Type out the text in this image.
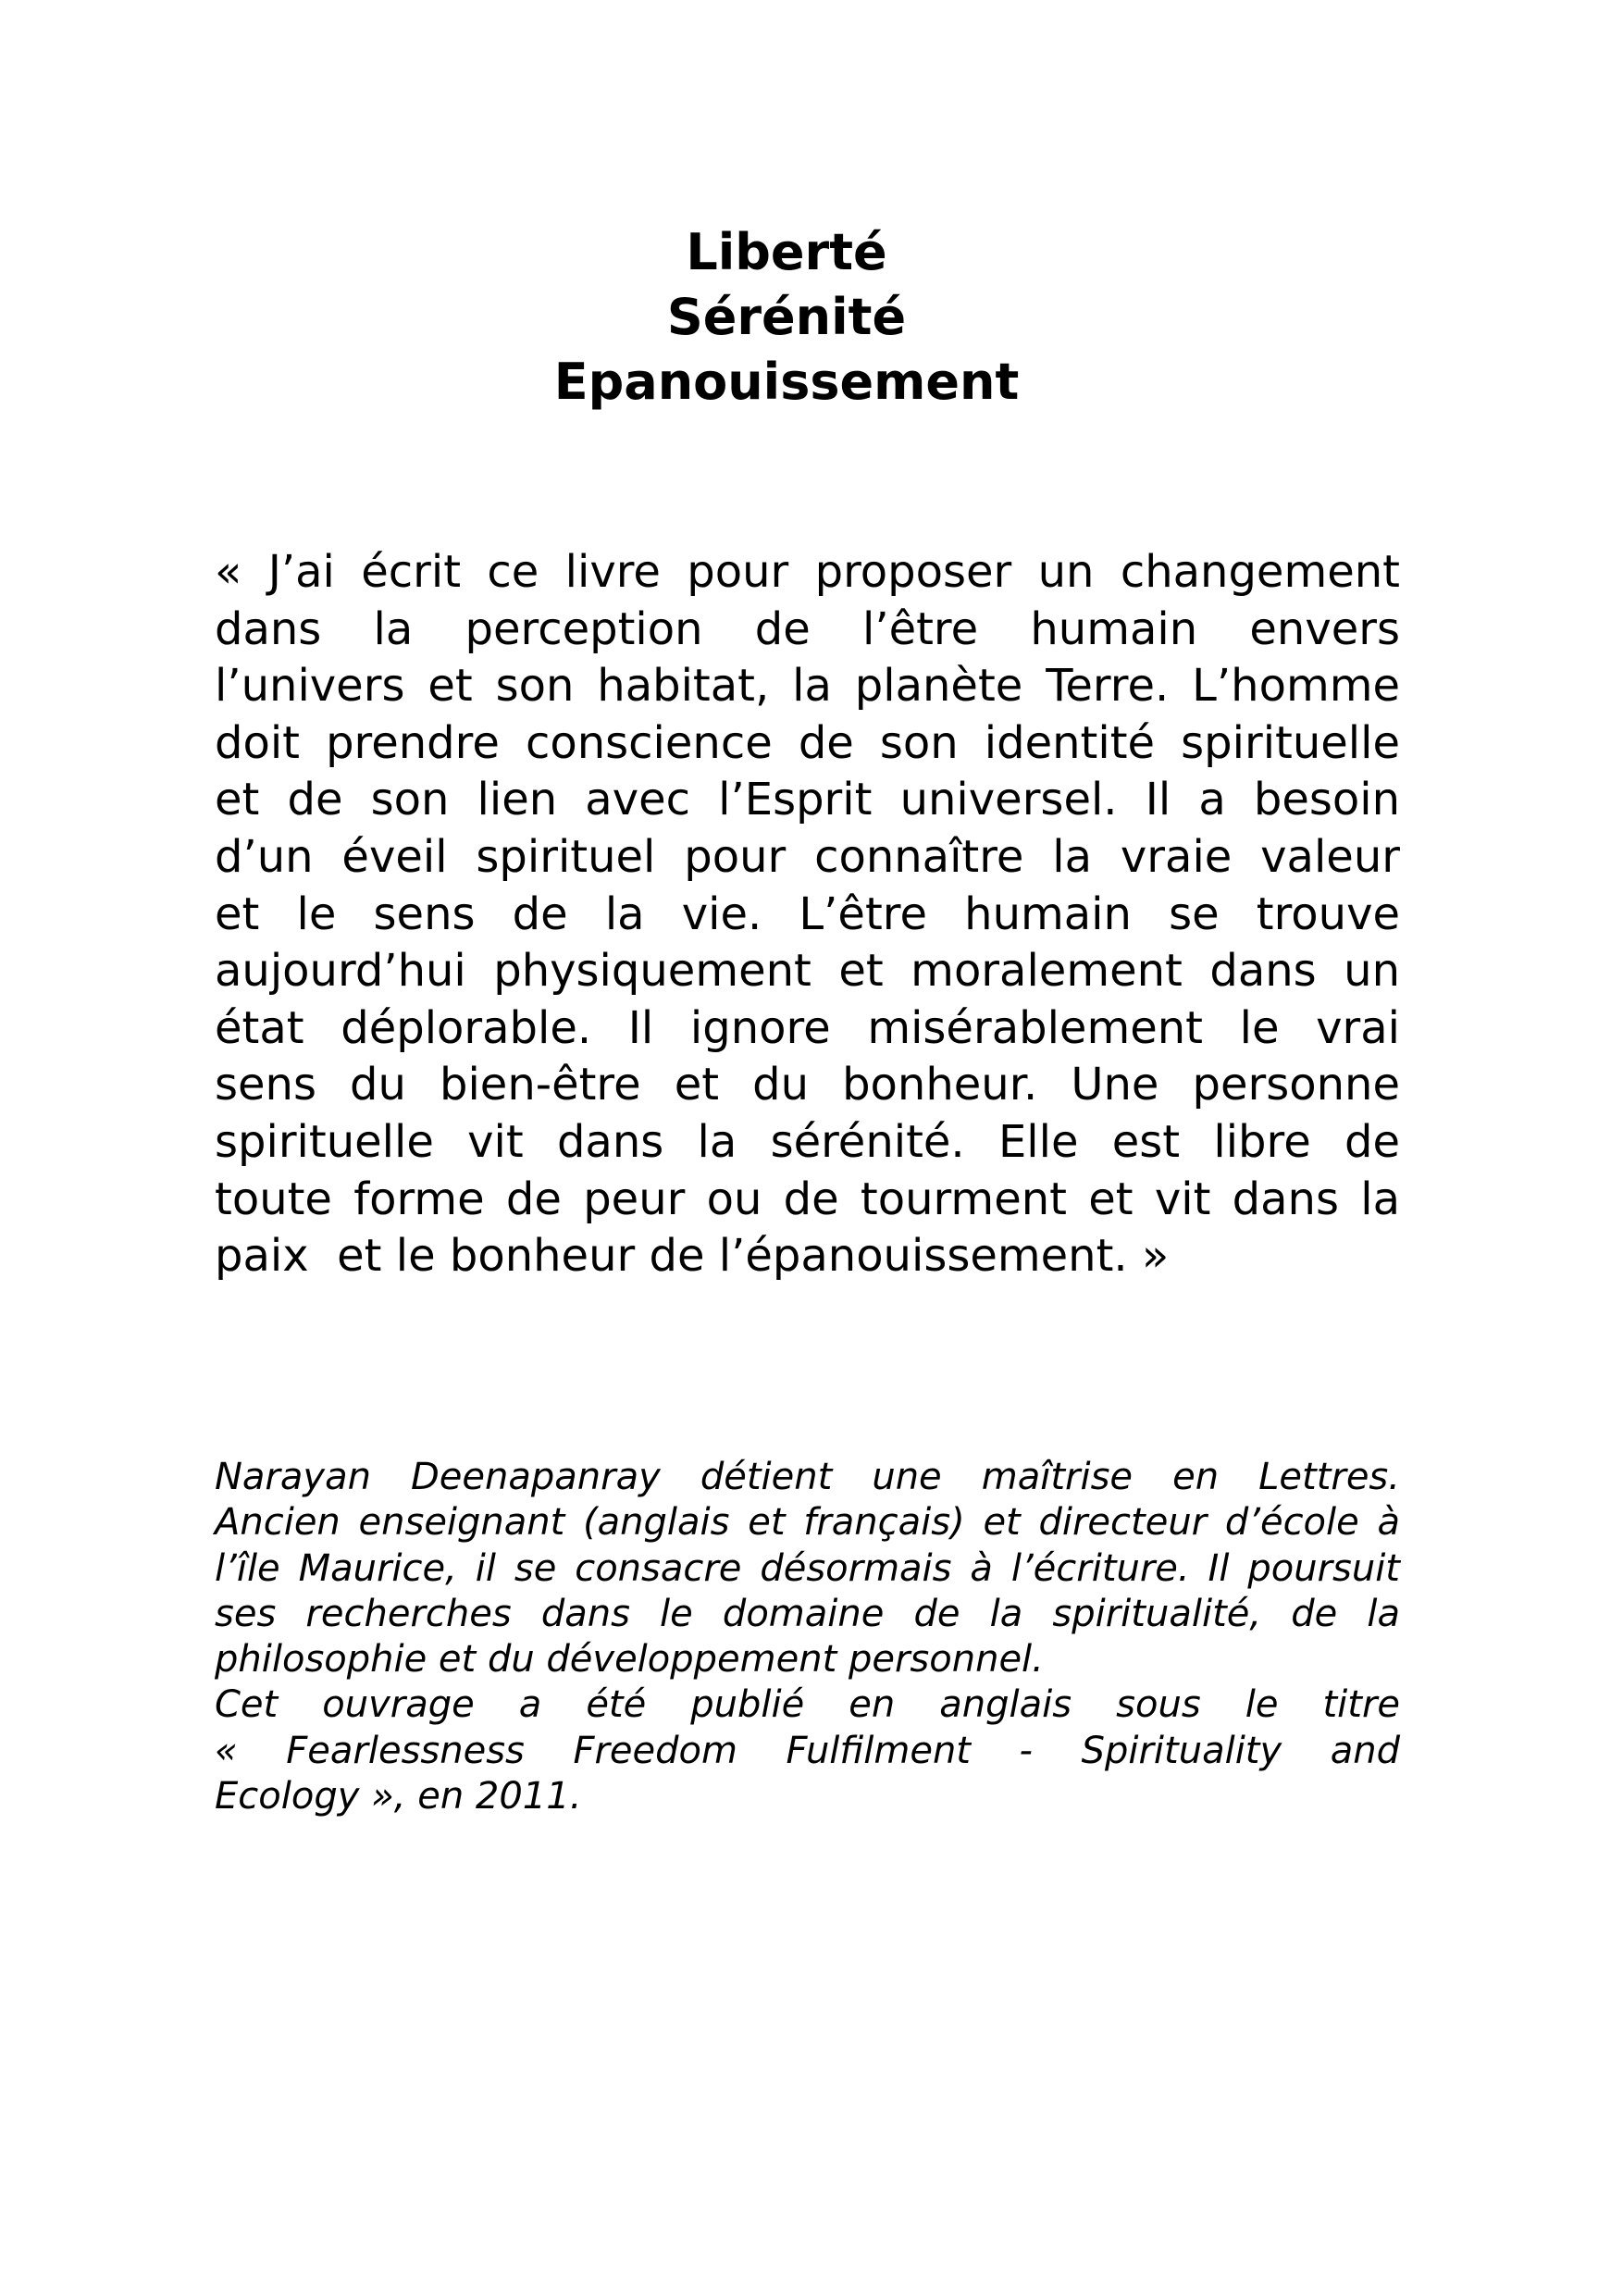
Liberté
Sérénité
Epanouissement
« J’ai écrit ce livre pour proposer un changement
dans la perception de l’être humain envers
l’univers et son habitat, la planète Terre. L’homme
doit prendre conscience de son identité spirituelle
et de son lien avec l’Esprit universel. Il a besoin
d’un éveil spirituel pour connaître la vraie valeur
et le sens de la vie. L’être humain se trouve
aujourd’hui physiquement et moralement dans un
état déplorable. Il ignore misérablement le vrai
sens du bien-être et du bonheur. Une personne
spirituelle vit dans la sérénité. Elle est libre de
toute forme de peur ou de tourment et vit dans la
paix  et le bonheur de l’épanouissement. »
Narayan Deenapanray détient une maîtrise en Lettres.
Ancien enseignant (anglais et français) et directeur d’école à
l’île Maurice, il se consacre désormais à l’écriture. Il poursuit
ses recherches dans le domaine de la spiritualité, de la
philosophie et du développement personnel.
Cet ouvrage a été publié en anglais sous le titre
« Fearlessness Freedom Fulfilment - Spirituality and
Ecology », en 2011.
